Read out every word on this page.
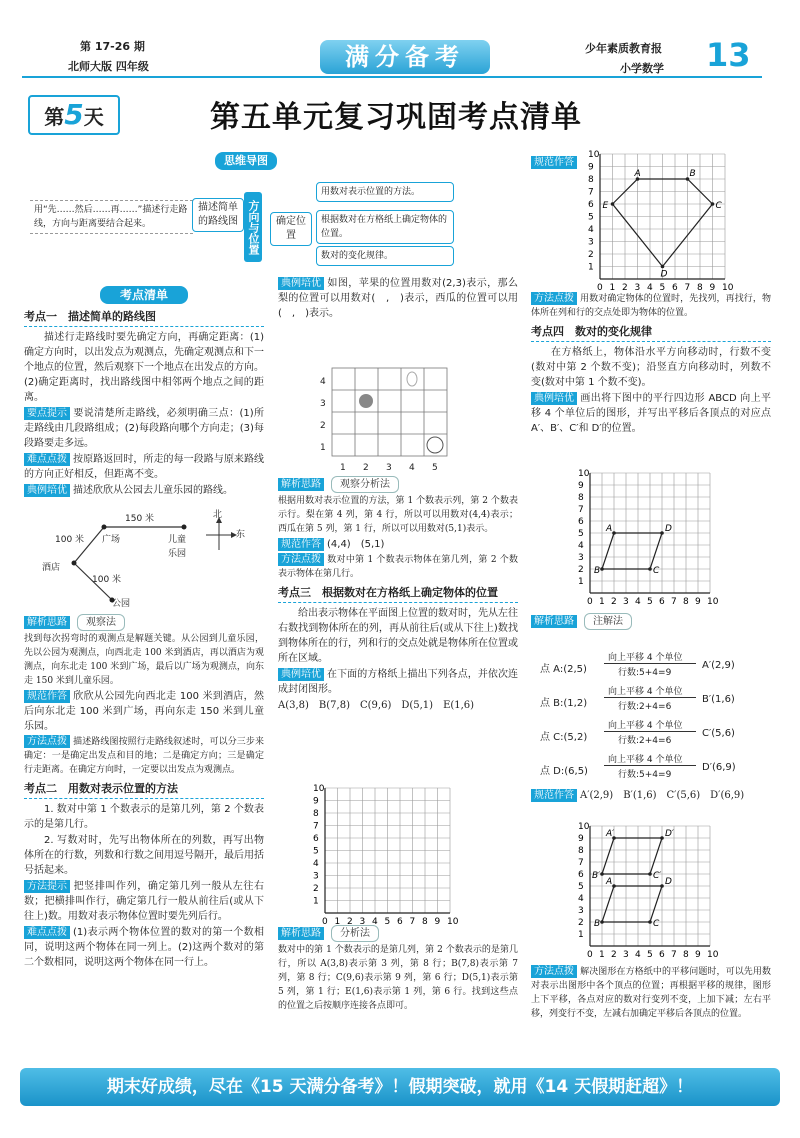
第 17-26 期
北师大版 四年级	满分备考	少年素质教育报
小学数学 13
第5天	第五单元复习巩固考点清单
思维导图
用“先……然后……再……”描述行走路线，方向与距离要结合起来。
描述简单的路线图 方向与位置	确定位置
用数对表示位置的方法。
根据数对在方格纸上确定物体的位置。
数对的变化规律。
考点清单
考点一　描述简单的路线图

描述行走路线时要先确定方向，再确定距离：(1)确定方向时，以出发点为观测点，先确定观测点和下一个地点的位置，然后观察下一个地点在出发点的方向。(2)确定距离时，找出路线图中相邻两个地点之间的距离。

要点提示 要说清楚所走路线，必须明确三点：(1)所走路线由几段路组成；(2)每段路向哪个方向走；(3)每段路要走多远。

难点点拨 按原路返回时，所走的每一段路与原来路线的方向正好相反，但距离不变。

典例培优 描述欣欣从公园去儿童乐园的路线。

150 米
100 米
100 米
广场	儿童乐园
酒店
公园
北
东

解析思路 观察法

找到每次拐弯时的观测点是解题关键。从公园到儿童乐园，先以公园为观测点，向西北走 100 米到酒店，再以酒店为观测点，向东北走 100 米到广场，最后以广场为观测点，向东走 150 米到儿童乐园。

规范作答 欣欣从公园先向西北走 100 米到酒店，然后向东北走 100 米到广场，再向东走 150 米到儿童乐园。

方法点拨 描述路线图按照行走路线叙述时，可以分三步来确定：一是确定出发点和目的地；二是确定方向；三是确定行走距离。在确定方向时，一定要以出发点为观测点。

考点二　用数对表示位置的方法

1. 数对中第 1 个数表示的是第几列，第 2 个数表示的是第几行。

2. 写数对时，先写出物体所在的列数，再写出物体所在的行数，列数和行数之间用逗号隔开，最后用括号括起来。

方法提示 把竖排叫作列，确定第几列一般从左往右数；把横排叫作行，确定第几行一般从前往后(或从下往上)数。用数对表示物体位置时要先列后行。

难点点拨 (1)表示两个物体位置的数对的第一个数相同，说明这两个物体在同一列上。(2)这两个数对的第二个数相同，说明这两个物体在同一行上。

典例培优 如图，苹果的位置用数对(2,3)表示，那么梨的位置可以用数对(　,　)表示，西瓜的位置可以用(　,　)表示。

4
3
2
1
1 2 3 4 5

解析思路 观察分析法

根据用数对表示位置的方法，第 1 个数表示列，第 2 个数表示行。梨在第 4 列，第 4 行，所以可以用数对(4,4)表示；西瓜在第 5 列，第 1 行，所以可以用数对(5,1)表示。

规范作答 (4,4)　(5,1)

方法点拨 数对中第 1 个数表示物体在第几列，第 2 个数表示物体在第几行。

考点三　根据数对在方格纸上确定物体的位置

给出表示物体在平面图上位置的数对时，先从左往右数找到物体所在的列，再从前往后(或从下往上)数找到物体所在的行，列和行的交点处就是物体所在位置或所在区域。

典例培优 在下面的方格纸上描出下列各点，并依次连成封闭图形。

A(3,8)　B(7,8)　C(9,6)　D(5,1)　E(1,6)

0 1 2 3 4 5 6 7 8 9 10
1
2
3
4
5
6
7
8
9
10

解析思路 分析法

数对中的第 1 个数表示的是第几列，第 2 个数表示的是第几行，所以 A(3,8)表示第 3 列，第 8 行；B(7,8)表示第 7 列，第 8 行；C(9,6)表示第 9 列，第 6 行；D(5,1)表示第 5 列，第 1 行；E(1,6)表示第 1 列，第 6 行。找到这些点的位置之后按顺序连接各点即可。

规范作答
0 1 2 3 4 5 6 7 8 9 10
1
2
3
4
5
6
7
8
9
10
A	B
C
D
E

方法点拨 用数对确定物体的位置时，先找列，再找行，物体所在列和行的交点处即为物体的位置。

考点四　数对的变化规律

在方格纸上，物体沿水平方向移动时，行数不变(数对中第 2 个数不变)；沿竖直方向移动时，列数不变(数对中第 1 个数不变)。

典例培优 画出将下图中的平行四边形 ABCD 向上平移 4 个单位后的图形，并写出平移后各顶点的对应点 A′、B′、C′和 D′的位置。

0 1 2 3 4 5 6 7 8 9 10
1
2
3
4
5
6
7
8
9
10
A	D
C
B

解析思路 注解法

点 A:(2,5)
向上平移 4 个单位
行数:5+4=9
A′(2,9)
点 B:(1,2)
向上平移 4 个单位
行数:2+4=6
B′(1,6)
点 C:(5,2)
向上平移 4 个单位
行数:2+4=6
C′(5,6)
点 D:(6,5)
向上平移 4 个单位
行数:5+4=9
D′(6,9)

规范作答 A′(2,9)　B′(1,6)　C′(5,6)　D′(6,9)

0 1 2 3 4 5 6 7 8 9 10
1
2
3
4
5
6
7
8
9
10
A	D
C
B
A′	D′
C′
B′

方法点拨 解决图形在方格纸中的平移问题时，可以先用数对表示出图形中各个顶点的位置；再根据平移的规律，图形上下平移，各点对应的数对行变列不变，上加下减；左右平移，列变行不变，左减右加确定平移后各顶点的位置。

期末好成绩，尽在《15 天满分备考》！假期突破，就用《14 天假期赶超》！
